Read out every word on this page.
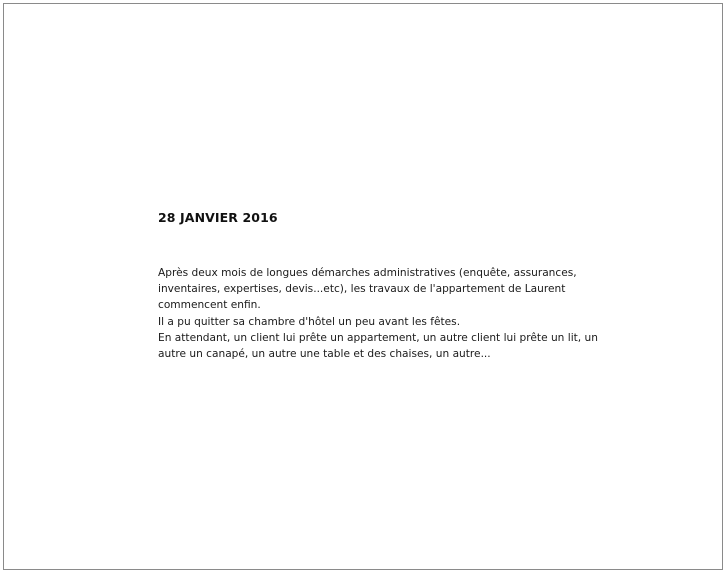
28 JANVIER 2016
Après deux mois de longues démarches administratives (enquête, assurances,
inventaires, expertises, devis...etc), les travaux de l'appartement de Laurent
commencent enfin.
Il a pu quitter sa chambre d'hôtel un peu avant les fêtes.
En attendant, un client lui prête un appartement, un autre client lui prête un lit, un
autre un canapé, un autre une table et des chaises, un autre...
